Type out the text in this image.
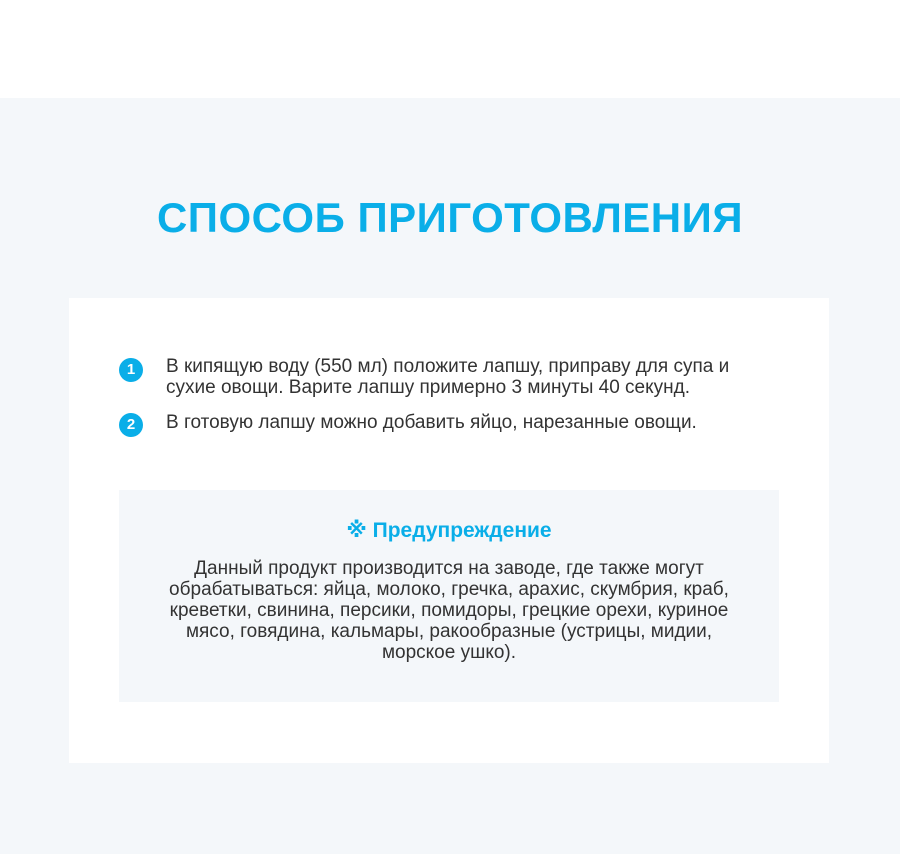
СПОСОБ ПРИГОТОВЛЕНИЯ
1	В кипящую воду (550 мл) положите лапшу, приправу для супа и сухие овощи. Варите лапшу примерно 3 минуты 40 секунд.
2	В готовую лапшу можно добавить яйцо, нарезанные овощи.
※ Предупреждение
Данный продукт производится на заводе, где также могут обрабатываться: яйца, молоко, гречка, арахис, скумбрия, краб, креветки, свинина, персики, помидоры, грецкие орехи, куриное мясо, говядина, кальмары, ракообразные (устрицы, мидии, морское ушко).
